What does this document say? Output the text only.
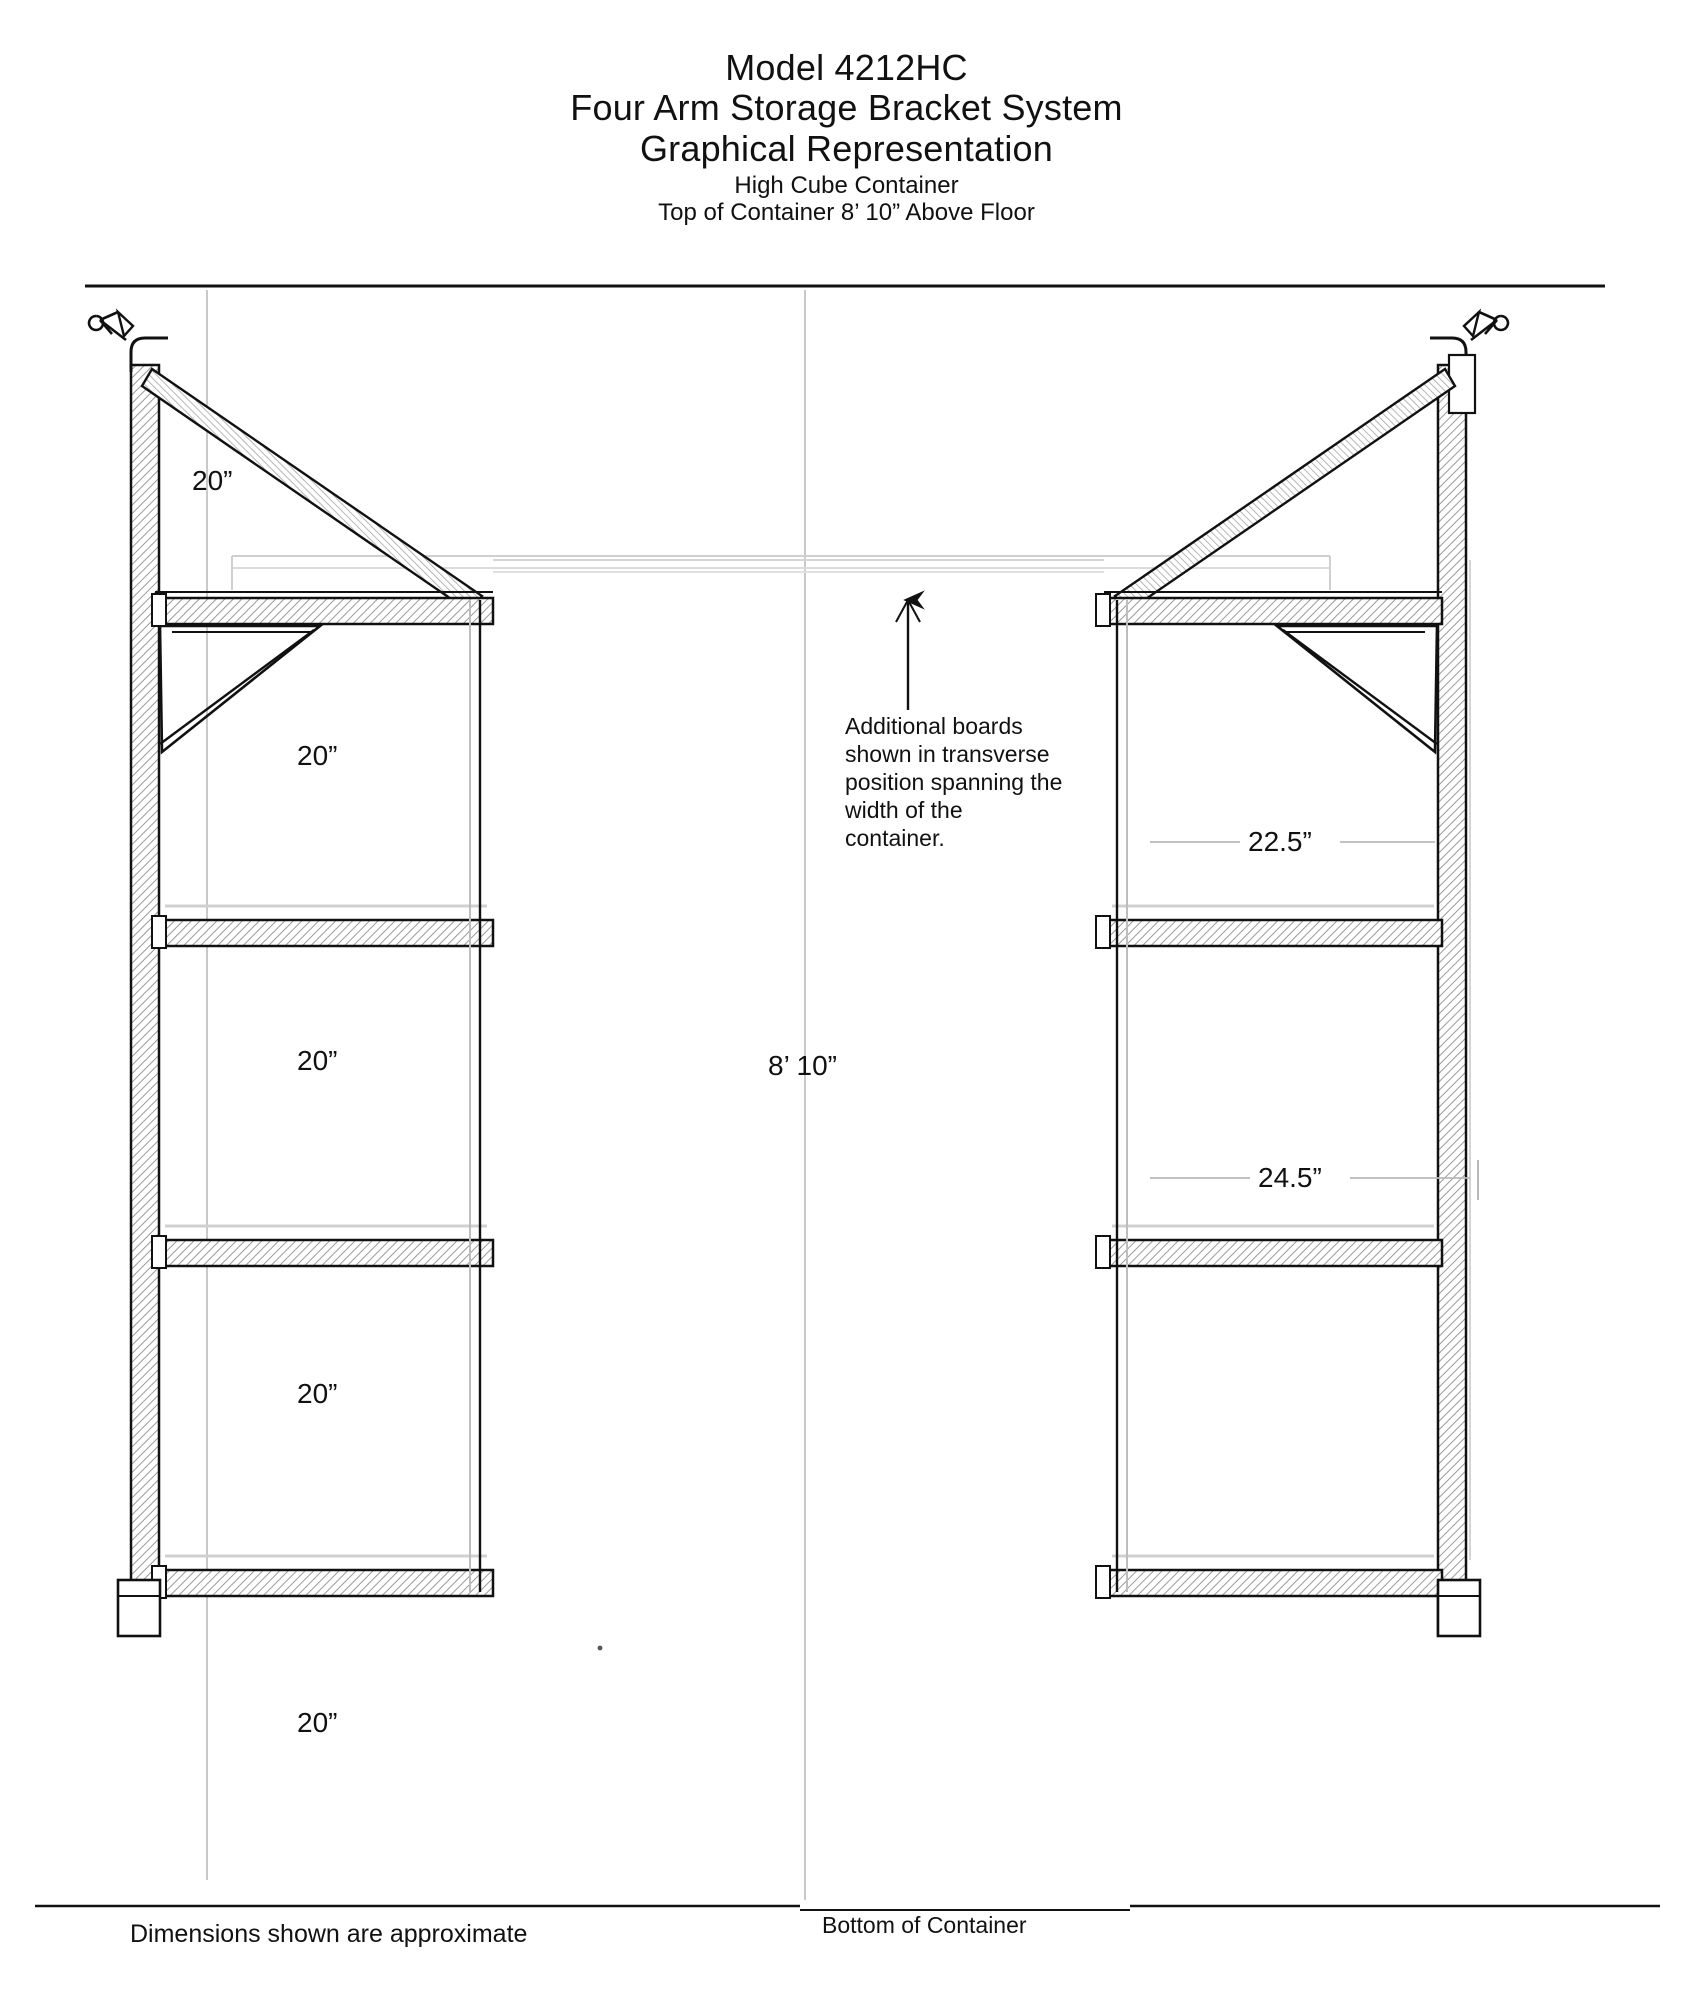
Model 4212HC
Four Arm Storage Bracket System
Graphical Representation
High Cube Container
Top of Container 8’ 10” Above Floor
20”
20”
20”
20”
20”
22.5”
24.5”
8’ 10”
Additional boards shown in transverse position spanning the width of the container.
Dimensions shown are approximate	Bottom of Container
